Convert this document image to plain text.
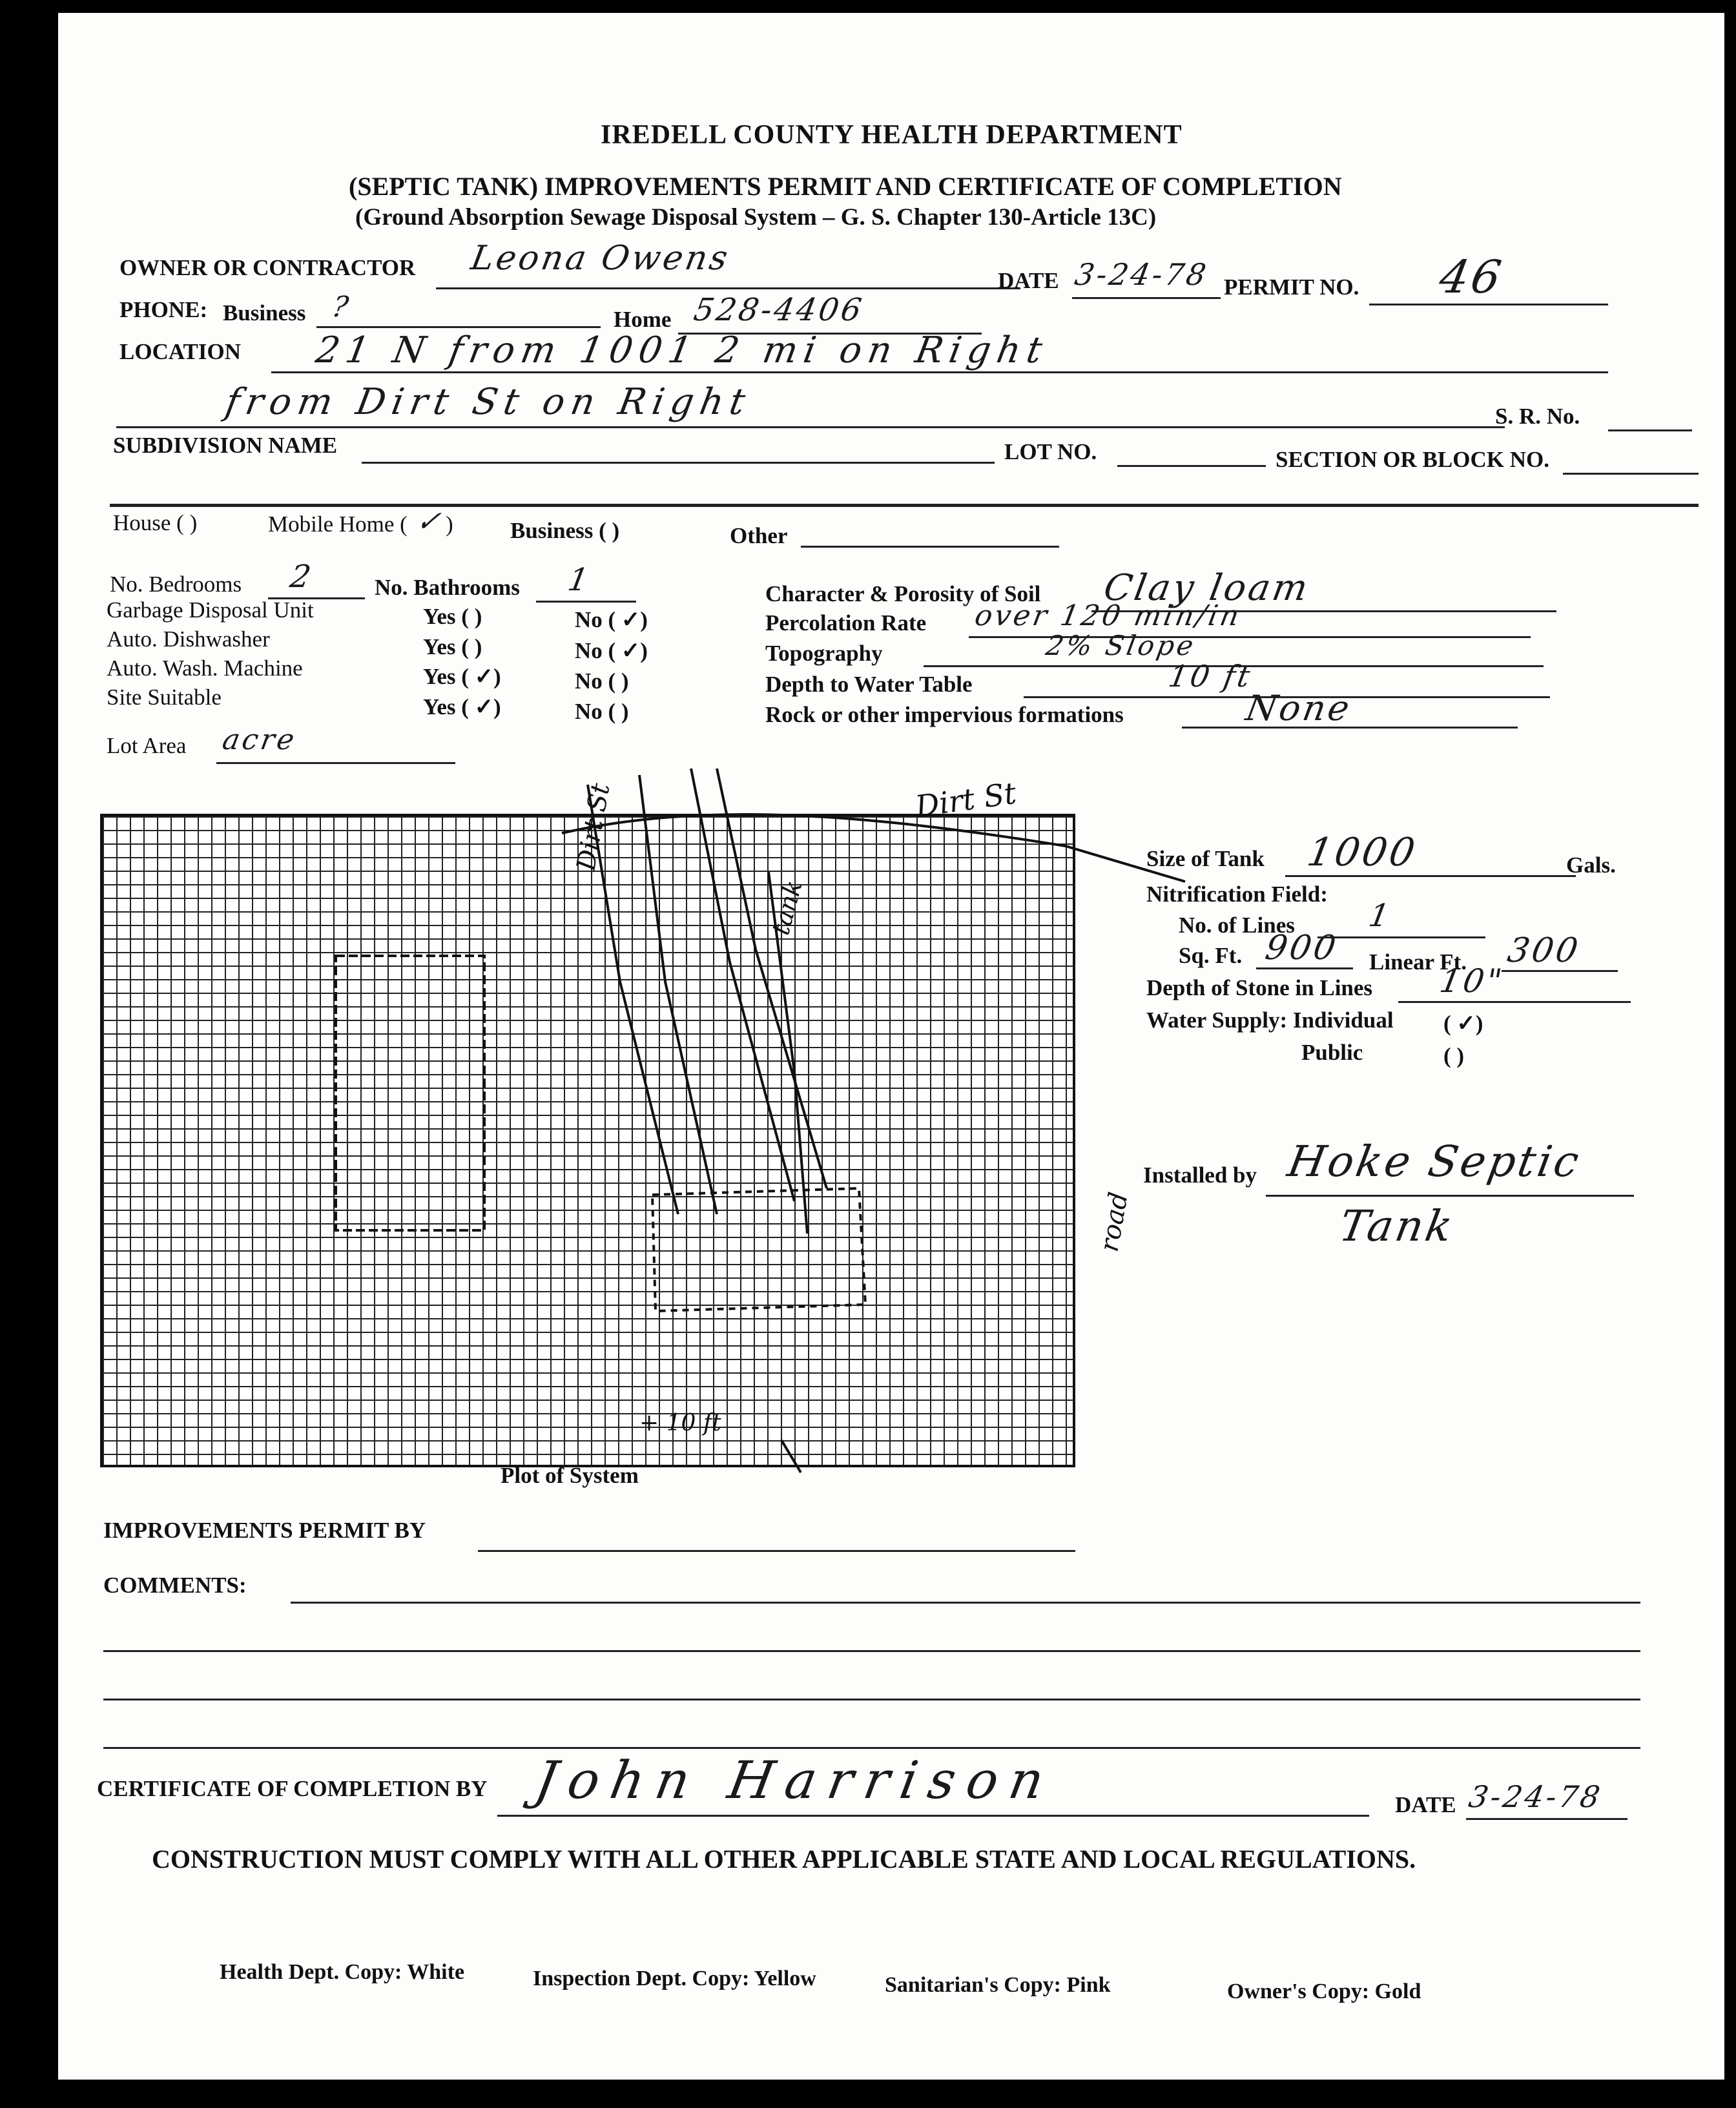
IREDELL COUNTY HEALTH DEPARTMENT
(SEPTIC TANK) IMPROVEMENTS PERMIT AND CERTIFICATE OF COMPLETION
(Ground Absorption Sewage Disposal System – G. S. Chapter 130-Article 13C)
OWNER OR CONTRACTOR Leona Owens
DATE 3-24-78 PERMIT NO. 46
PHONE: Business ?	Home 528-4406
LOCATION 21 N from 1001 2 mi on Right
from Dirt St on Right	S. R. No.
SUBDIVISION NAME	LOT NO.	SECTION OR BLOCK NO.
House ( )	Mobile Home ( ✓ )	Business ( )	Other
No. Bedrooms 2	No. Bathrooms 1
Garbage Disposal Unit	Yes ( )	No ( ✓)
Auto. Dishwasher	Yes ( )	No ( ✓)
Auto. Wash. Machine	Yes ( ✓)	No ( )
Site Suitable	Yes ( ✓)	No ( )
Lot Area acre
Character & Porosity of Soil Clay loam
Percolation Rate over 120 min/in
Topography	2% Slope
Depth to Water Table	10 ft
Rock or other impervious formations	None
Dirt St
Dirt St
tank
road
+ 10 ft
Plot of System
Size of Tank 1000	Gals.
Nitrification Field:
No. of Lines 1
Sq. Ft. 900 Linear Ft. 300
Depth of Stone in Lines 10"
Water Supply: Individual ( ✓)
Public	( )
Installed by Hoke Septic
Tank
IMPROVEMENTS PERMIT BY
COMMENTS:
CERTIFICATE OF COMPLETION BY John Harrison	DATE 3-24-78
CONSTRUCTION MUST COMPLY WITH ALL OTHER APPLICABLE STATE AND LOCAL REGULATIONS.
Health Dept. Copy: White	Inspection Dept. Copy: Yellow	Sanitarian's Copy: Pink	Owner's Copy: Gold
